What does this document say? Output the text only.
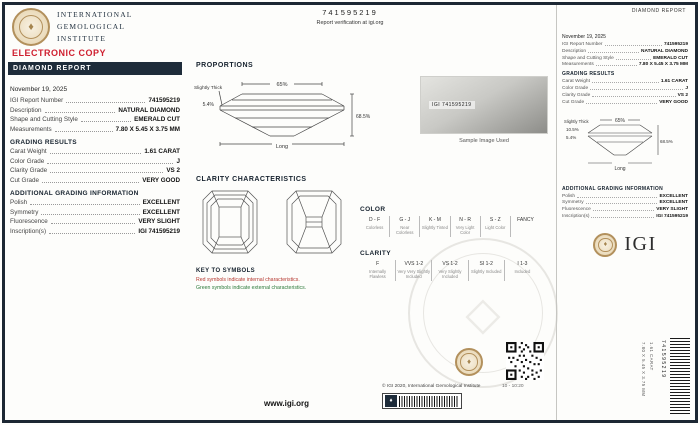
◇
♦
INTERNATIONAL
GEMOLOGICAL
INSTITUTE
ELECTRONIC COPY
DIAMOND REPORT
November 19, 2025
IGI Report Number	741595219
Description	NATURAL DIAMOND
Shape and Cutting Style	EMERALD CUT
Measurements	7.80 X 5.45 X 3.75 MM
GRADING RESULTS
Carat Weight	1.61 CARAT
Color Grade	J
Clarity Grade	VS 2
Cut Grade	VERY GOOD
ADDITIONAL GRADING INFORMATION
Polish	EXCELLENT
Symmetry	EXCELLENT
Fluorescence	VERY SLIGHT
Inscription(s)	IGI 741595219
741595219
Report verification at igi.org
PROPORTIONS
65%
Slightly Thick
5.4%
68.5%
Long
IGI 741595219
Sample Image Used
CLARITY CHARACTERISTICS
KEY TO SYMBOLS
Red symbols indicate internal characteristics.
Green symbols indicate external characteristics.
COLOR
D - F
Colorless
G - J
Near Colorless
K - M
Slightly Tinted
N - R
Very Light Color
S - Z
Light Color
FANCY
CLARITY
F
Internally Flawless
VVS 1-2
Very Very Slightly Included
VS 1-2
Very Slightly Included
SI 1-2
Slightly Included
I 1-3
Included
♦
© IGI 2020, International Gemological Institute	10 - 10:20
www.igi.org	♦
DIAMOND REPORT
November 19, 2025
IGI Report Number	741595219
Description	NATURAL DIAMOND
Shape and Cutting Style	EMERALD CUT
Measurements	7.80 X 5.45 X 3.75 MM
GRADING RESULTS
Carat Weight	1.61 CARAT
Color Grade	J
Clarity Grade	VS 2
Cut Grade	VERY GOOD
65%
Slightly Thick
10.5%
5.4%
68.5%
Long
ADDITIONAL GRADING INFORMATION
Polish	EXCELLENT
Symmetry	EXCELLENT
Fluorescence	VERY SLIGHT
Inscription(s)	IGI 741595219
♦ IGI
7.80 X 5.45 X 3.75 MM 1.61 CARAT 741595219
